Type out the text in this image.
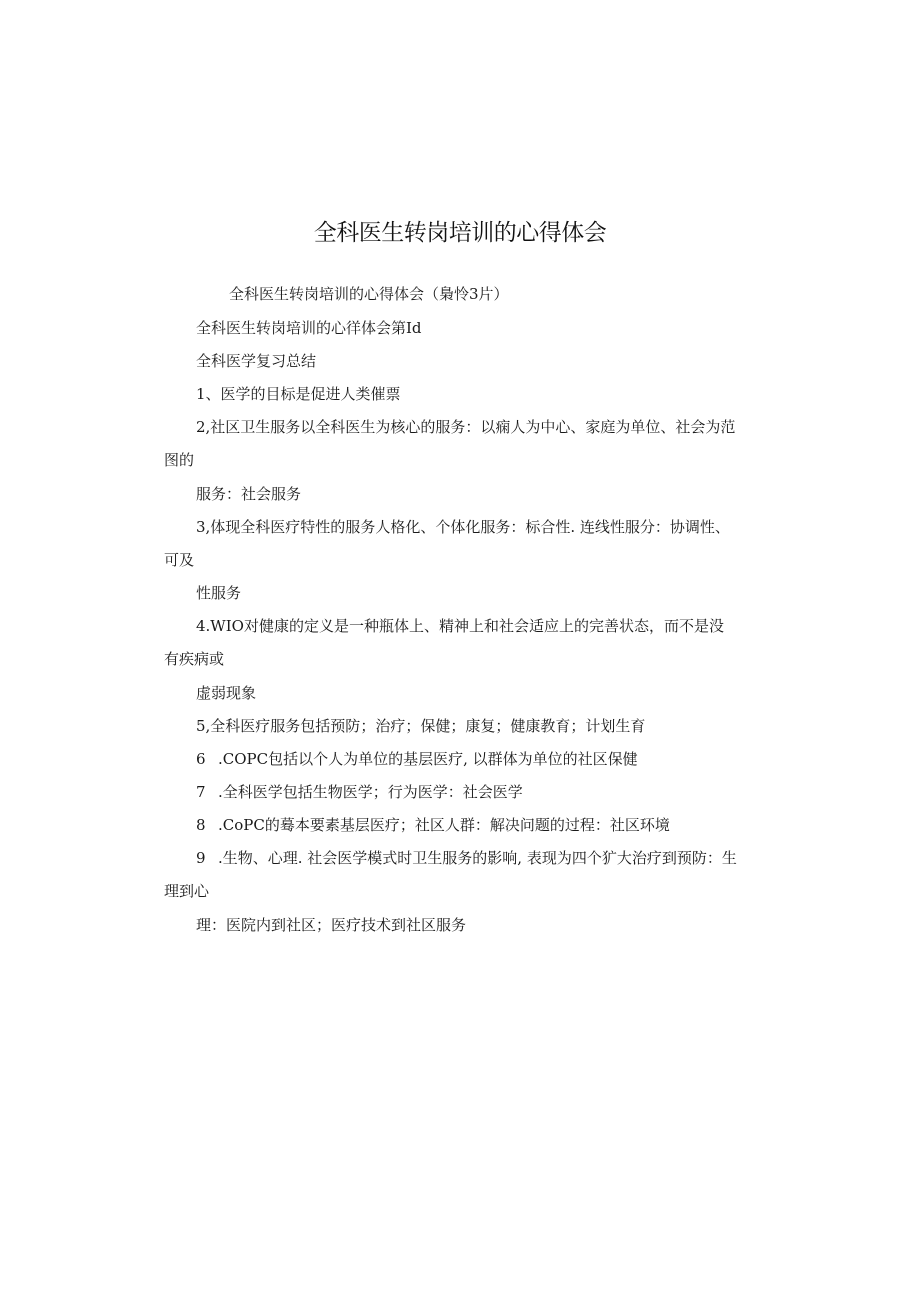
全科医生转岗培训的心得体会

全科医生转岗培训的心得体会（梟怜3片）

全科医生转岗培训的心徉体会第Id

全科医学复习总结

1、医学的目标是促进人类催票

2,社区卫生服务以全科医生为核心的服务：以痫人为中心、家庭为单位、社会为范

图的

服务：社会服务

3,体现全科医疗特性的服务人格化、个体化服务：标合性. 连线性服分：协调性、

可及

性服务

4.WIO对健康的定义是一种瓶体上、精神上和社会适应上的完善状态，而不是没

有疾病或

虚弱现象

5,全科医疗服务包括预防；治疗；保健；康复；健康教育；计划生育

6 .COPC包括以个人为单位的基层医疗, 以群体为单位的社区保健

7 .全科医学包括生物医学；行为医学：社会医学

8 .CoPC的蓦本要素基层医疗；社区人群：解决问题的过程：社区环境

9 .生物、心理. 社会医学模式时卫生服务的影响, 表现为四个犷大治疗到预防：生

理到心

理：医院内到社区；医疗技术到社区服务
